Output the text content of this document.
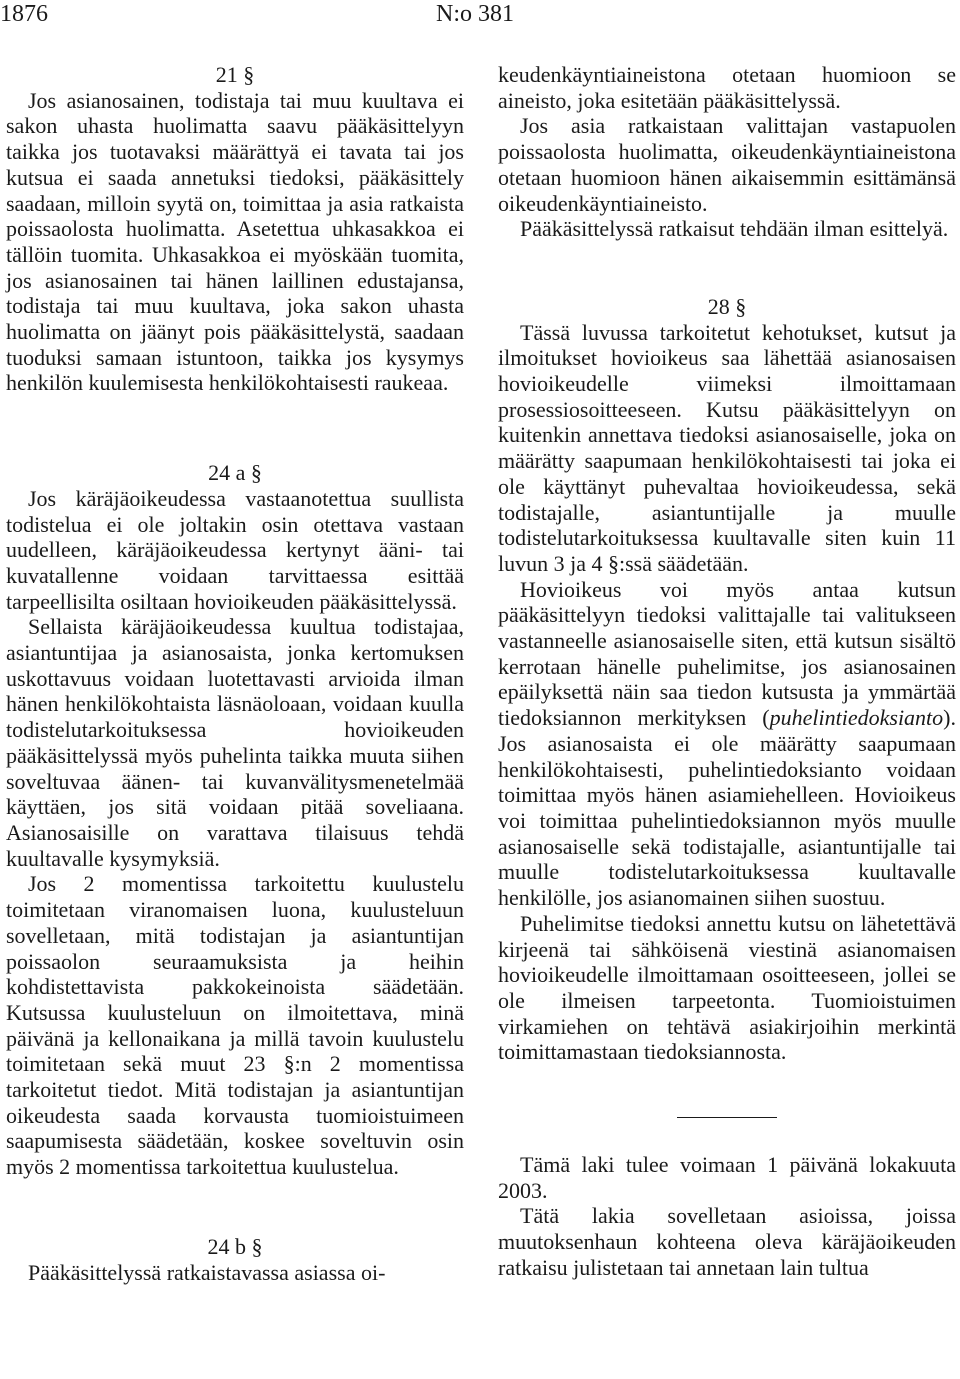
1876	N:o 381
21 §

Jos asianosainen, todistaja tai muu kuultava ei sakon uhasta huolimatta saavu pääkäsittelyyn taikka jos tuotavaksi määrättyä ei tavata tai jos kutsua ei saada annetuksi tiedoksi, pääkäsittely saadaan, milloin syytä on, toimittaa ja asia ratkaista poissaolosta huolimatta. Asetettua uhkasakkoa ei tällöin tuomita. Uhkasakkoa ei myöskään tuomita, jos asianosainen tai hänen laillinen edustajansa, todistaja tai muu kuultava, joka sakon uhasta huolimatta on jäänyt pois pääkäsittelystä, saadaan tuoduksi samaan istuntoon, taikka jos kysymys henkilön kuulemisesta henkilökohtaisesti raukeaa.

24 a §

Jos käräjäoikeudessa vastaanotettua suullista todistelua ei ole joltakin osin otettava vastaan uudelleen, käräjäoikeudessa kertynyt ääni- tai kuvatallenne voidaan tarvittaessa esittää tarpeellisilta osiltaan hovioikeuden pääkäsittelyssä.

Sellaista käräjäoikeudessa kuultua todistajaa, asiantuntijaa ja asianosaista, jonka kertomuksen uskottavuus voidaan luotettavasti arvioida ilman hänen henkilökohtaista läsnäoloaan, voidaan kuulla todistelutarkoituksessa hovioikeuden pääkäsittelyssä myös puhelinta taikka muuta siihen soveltuvaa äänen- tai kuvanvälitysmenetelmää käyttäen, jos sitä voidaan pitää soveliaana. Asianosaisille on varattava tilaisuus tehdä kuultavalle kysymyksiä.

Jos 2 momentissa tarkoitettu kuulustelu toimitetaan viranomaisen luona, kuulusteluun sovelletaan, mitä todistajan ja asiantuntijan poissaolon seuraamuksista ja heihin kohdistettavista pakkokeinoista säädetään. Kutsussa kuulusteluun on ilmoitettava, minä päivänä ja kellonaikana ja millä tavoin kuulustelu toimitetaan sekä muut 23 §:n 2 momentissa tarkoitetut tiedot. Mitä todistajan ja asiantuntijan oikeudesta saada korvausta tuomioistuimeen saapumisesta säädetään, koskee soveltuvin osin myös 2 momentissa tarkoitettua kuulustelua.

24 b §

Pääkäsittelyssä ratkaistavassa asiassa oi-

keudenkäyntiaineistona otetaan huomioon se aineisto, joka esitetään pääkäsittelyssä.

Jos asia ratkaistaan valittajan vastapuolen poissaolosta huolimatta, oikeudenkäyntiaineistona otetaan huomioon hänen aikaisemmin esittämänsä oikeudenkäyntiaineisto.

Pääkäsittelyssä ratkaisut tehdään ilman esittelyä.

28 §

Tässä luvussa tarkoitetut kehotukset, kutsut ja ilmoitukset hovioikeus saa lähettää asianosaisen hovioikeudelle viimeksi ilmoittamaan prosessiosoitteeseen. Kutsu pääkäsittelyyn on kuitenkin annettava tiedoksi asianosaiselle, joka on määrätty saapumaan henkilökohtaisesti tai joka ei ole käyttänyt puhevaltaa hovioikeudessa, sekä todistajalle, asiantuntijalle ja muulle todistelutarkoituksessa kuultavalle siten kuin 11 luvun 3 ja 4 §:ssä säädetään.

Hovioikeus voi myös antaa kutsun pääkäsittelyyn tiedoksi valittajalle tai valitukseen vastanneelle asianosaiselle siten, että kutsun sisältö kerrotaan hänelle puhelimitse, jos asianosainen epäilyksettä näin saa tiedon kutsusta ja ymmärtää tiedoksiannon merkityksen (puhelintiedoksianto). Jos asianosaista ei ole määrätty saapumaan henkilökohtaisesti, puhelintiedoksianto voidaan toimittaa myös hänen asiamiehelleen. Hovioikeus voi toimittaa puhelintiedoksiannon myös muulle asianosaiselle sekä todistajalle, asiantuntijalle tai muulle todistelutarkoituksessa kuultavalle henkilölle, jos asianomainen siihen suostuu.

Puhelimitse tiedoksi annettu kutsu on lähetettävä kirjeenä tai sähköisenä viestinä asianomaisen hovioikeudelle ilmoittamaan osoitteeseen, jollei se ole ilmeisen tarpeetonta. Tuomioistuimen virkamiehen on tehtävä asiakirjoihin merkintä toimittamastaan tiedoksiannosta.

Tämä laki tulee voimaan 1 päivänä lokakuuta 2003.

Tätä lakia sovelletaan asioissa, joissa muutoksenhaun kohteena oleva käräjäoikeuden ratkaisu julistetaan tai annetaan lain tultua
